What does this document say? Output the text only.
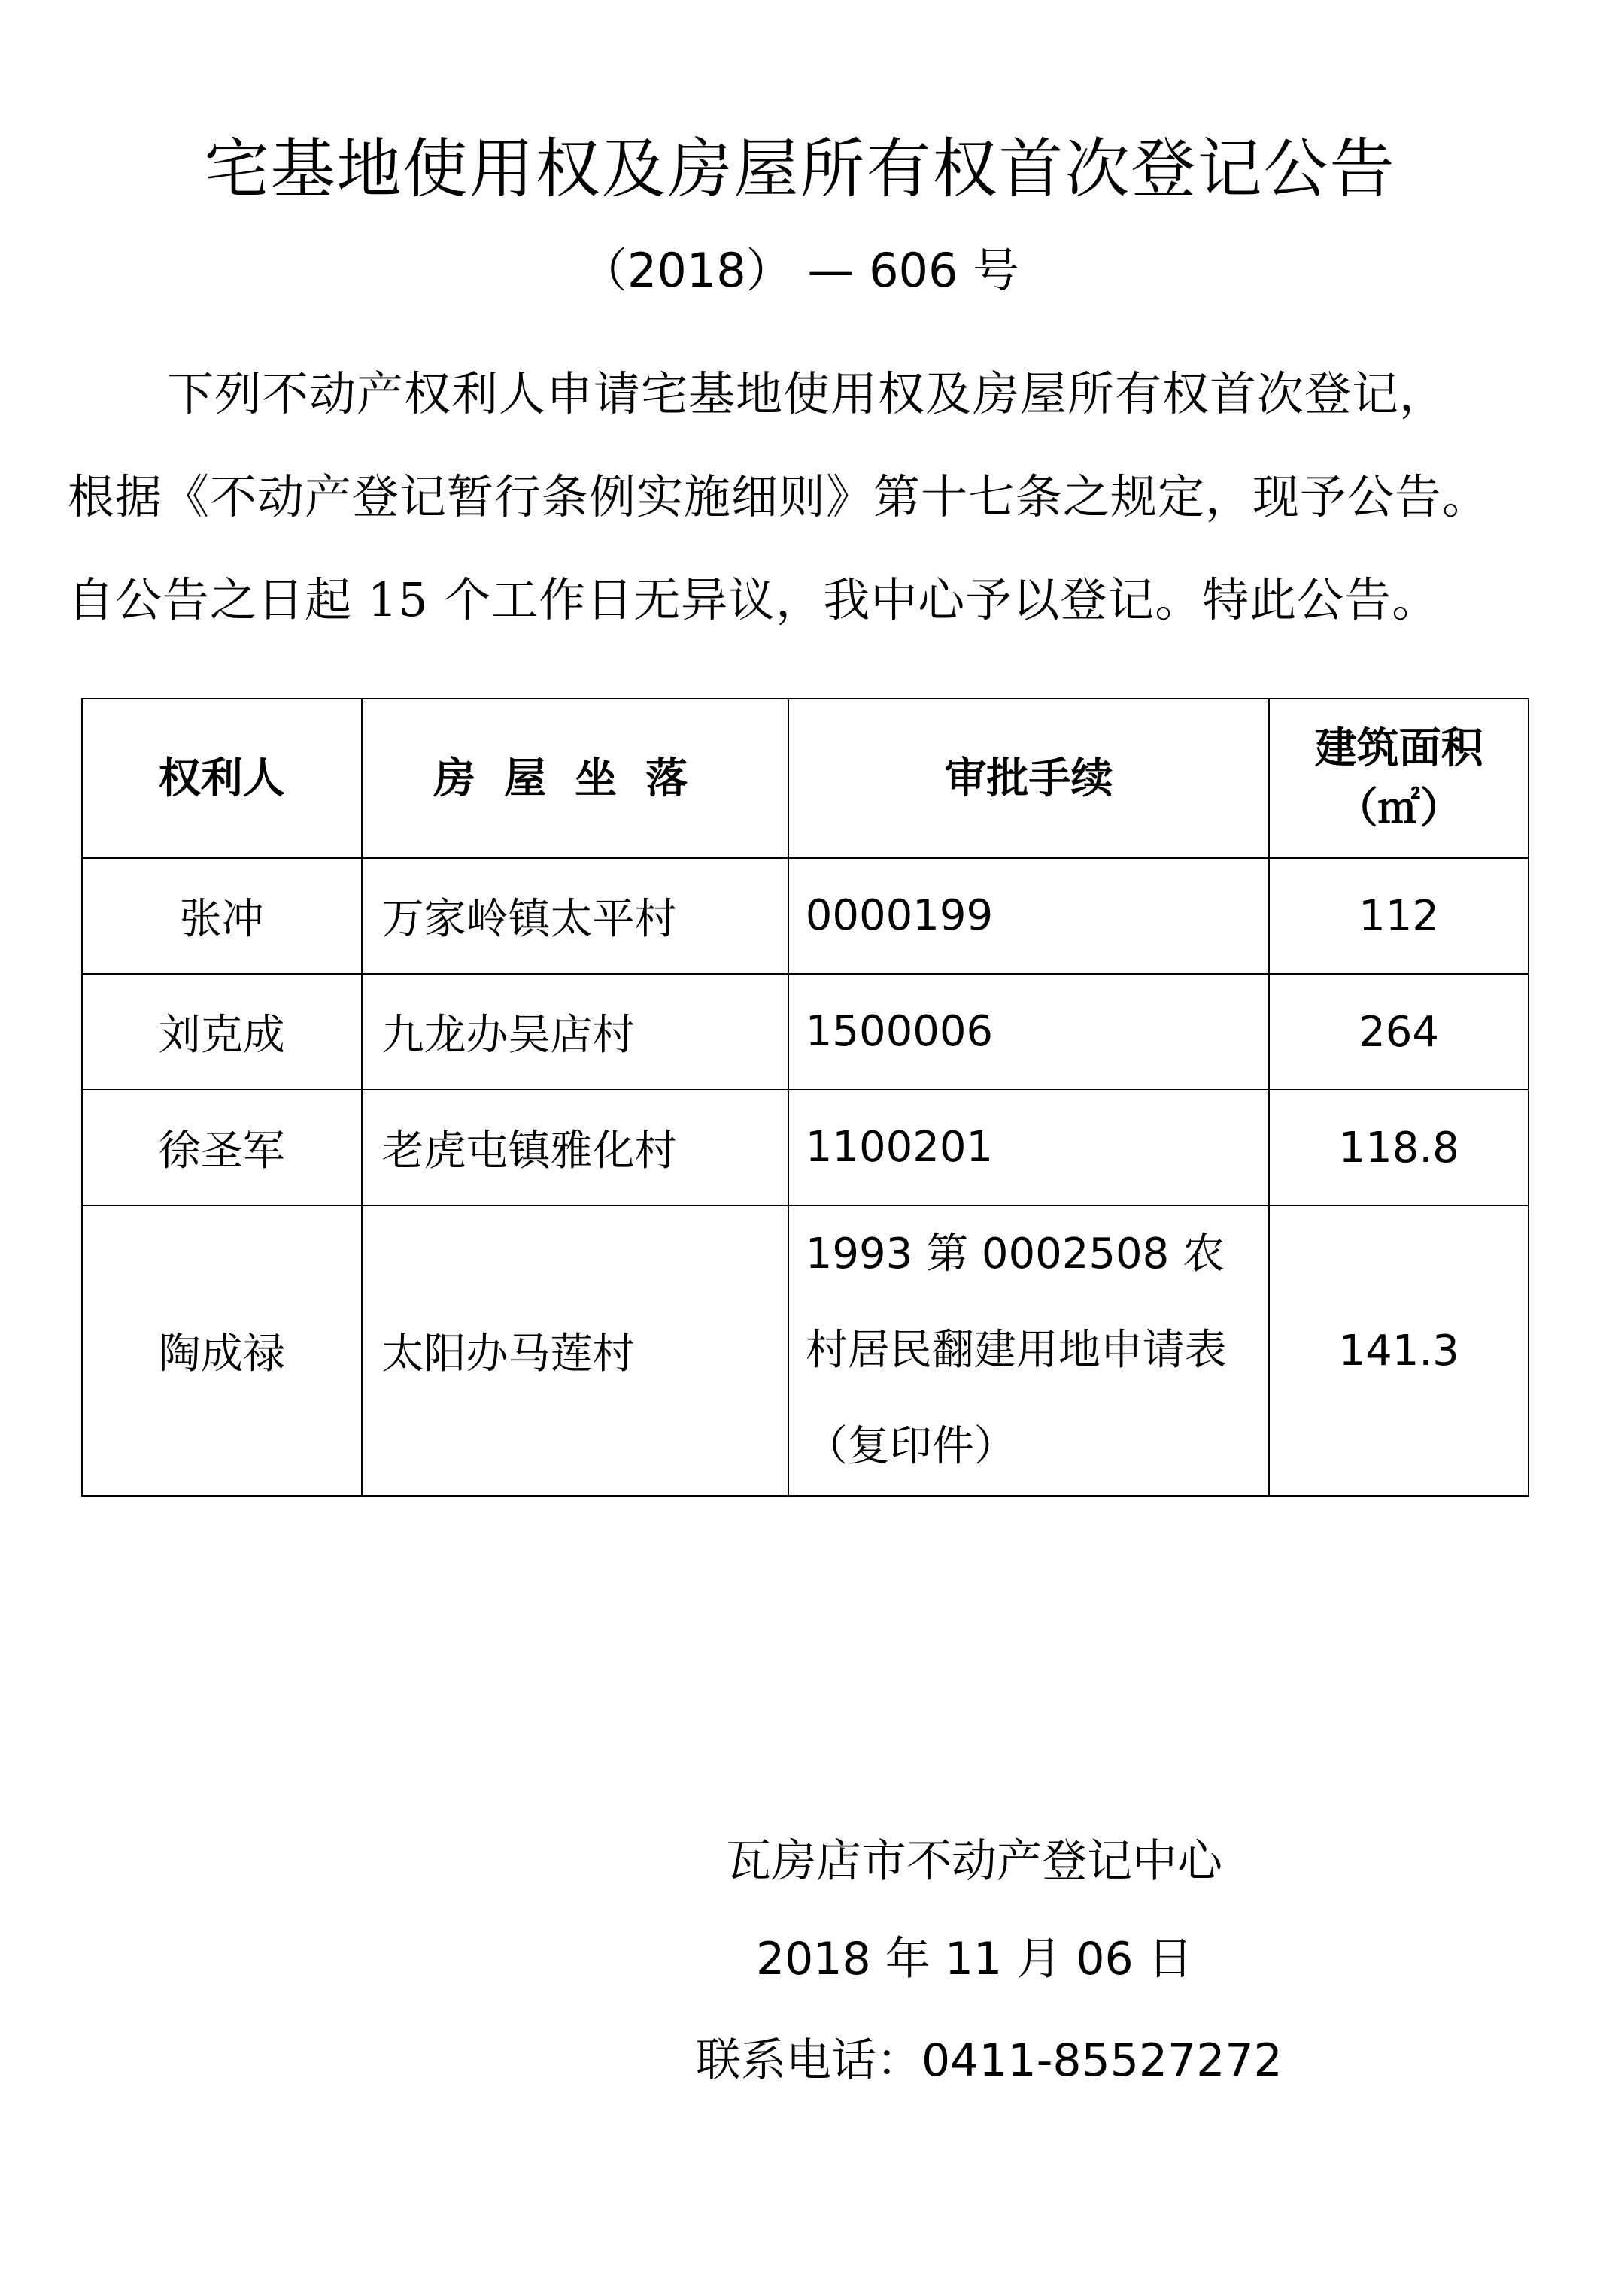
宅基地使用权及房屋所有权首次登记公告
（2018） — 606 号
下列不动产权利人申请宅基地使用权及房屋所有权首次登记，
根据《不动产登记暂行条例实施细则》第十七条之规定，现予公告。
自公告之日起 15 个工作日无异议，我中心予以登记。特此公告。
权利人	房屋坐落	审批手续	建筑面积
（㎡）

张冲	万家岭镇太平村	0000199	112
刘克成	九龙办吴店村	1500006	264
徐圣军	老虎屯镇雅化村	1100201	118.8
陶成禄	太阳办马莲村	1993 第 0002508 农村居民翻建用地申请表（复印件）	141.3
瓦房店市不动产登记中心
2018 年 11 月 06 日
联系电话：0411-85527272
